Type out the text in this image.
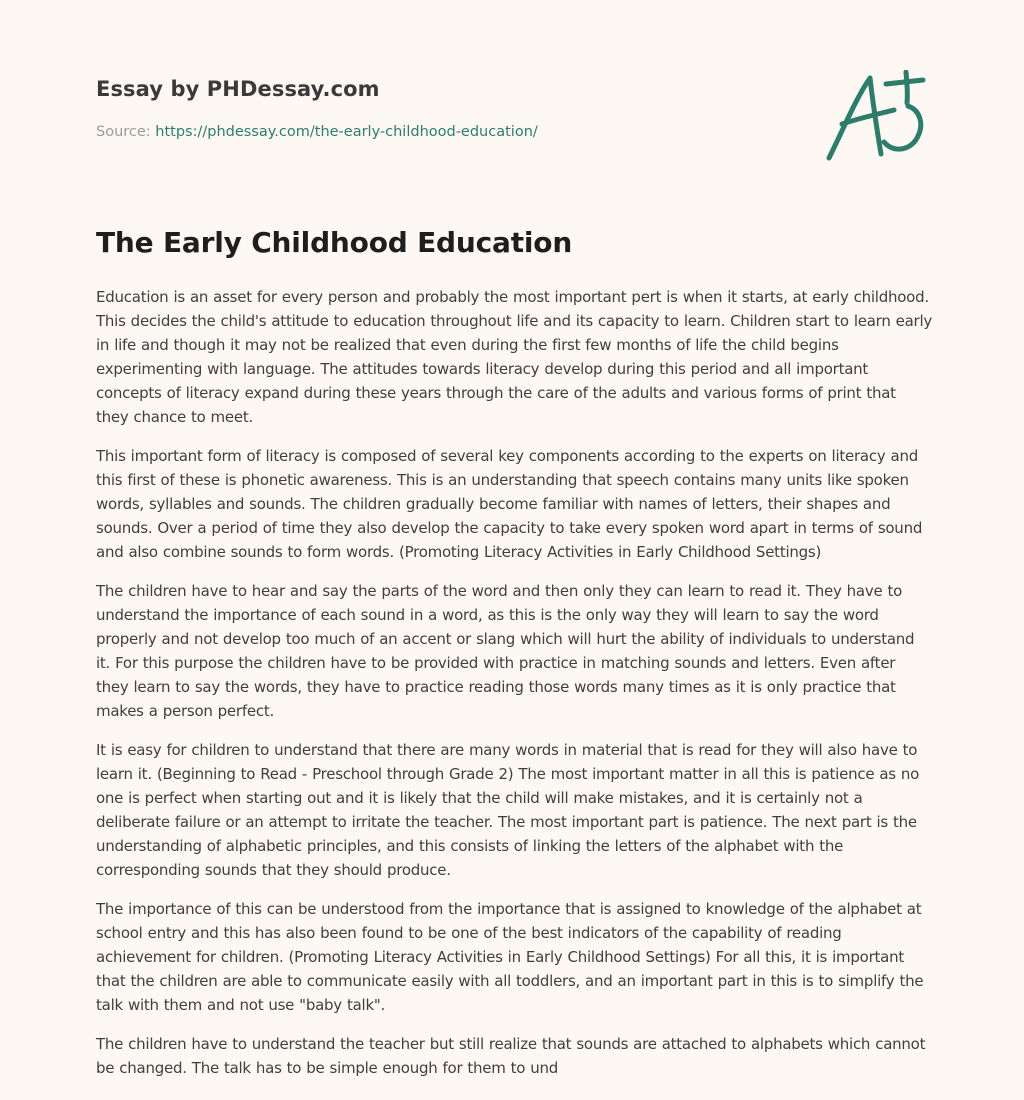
Essay by PHDessay.com
Source: https://phdessay.com/the-early-childhood-education/
The Early Childhood Education

Education is an asset for every person and probably the most important pert is when it starts, at early childhood. This decides the child's attitude to education throughout life and its capacity to learn. Children start to learn early in life and though it may not be realized that even during the first few months of life the child begins experimenting with language. The attitudes towards literacy develop during this period and all important concepts of literacy expand during these years through the care of the adults and various forms of print that they chance to meet.

This important form of literacy is composed of several key components according to the experts on literacy and this first of these is phonetic awareness. This is an understanding that speech contains many units like spoken words, syllables and sounds. The children gradually become familiar with names of letters, their shapes and sounds. Over a period of time they also develop the capacity to take every spoken word apart in terms of sound and also combine sounds to form words. (Promoting Literacy Activities in Early Childhood Settings)

The children have to hear and say the parts of the word and then only they can learn to read it. They have to understand the importance of each sound in a word, as this is the only way they will learn to say the word properly and not develop too much of an accent or slang which will hurt the ability of individuals to understand it. For this purpose the children have to be provided with practice in matching sounds and letters. Even after they learn to say the words, they have to practice reading those words many times as it is only practice that makes a person perfect.

It is easy for children to understand that there are many words in material that is read for they will also have to learn it. (Beginning to Read - Preschool through Grade 2) The most important matter in all this is patience as no one is perfect when starting out and it is likely that the child will make mistakes, and it is certainly not a deliberate failure or an attempt to irritate the teacher. The most important part is patience. The next part is the understanding of alphabetic principles, and this consists of linking the letters of the alphabet with the corresponding sounds that they should produce.

The importance of this can be understood from the importance that is assigned to knowledge of the alphabet at school entry and this has also been found to be one of the best indicators of the capability of reading achievement for children. (Promoting Literacy Activities in Early Childhood Settings) For all this, it is important that the children are able to communicate easily with all toddlers, and an important part in this is to simplify the talk with them and not use "baby talk".

The children have to understand the teacher but still realize that sounds are attached to alphabets which cannot be changed. The talk has to be simple enough for them to und
